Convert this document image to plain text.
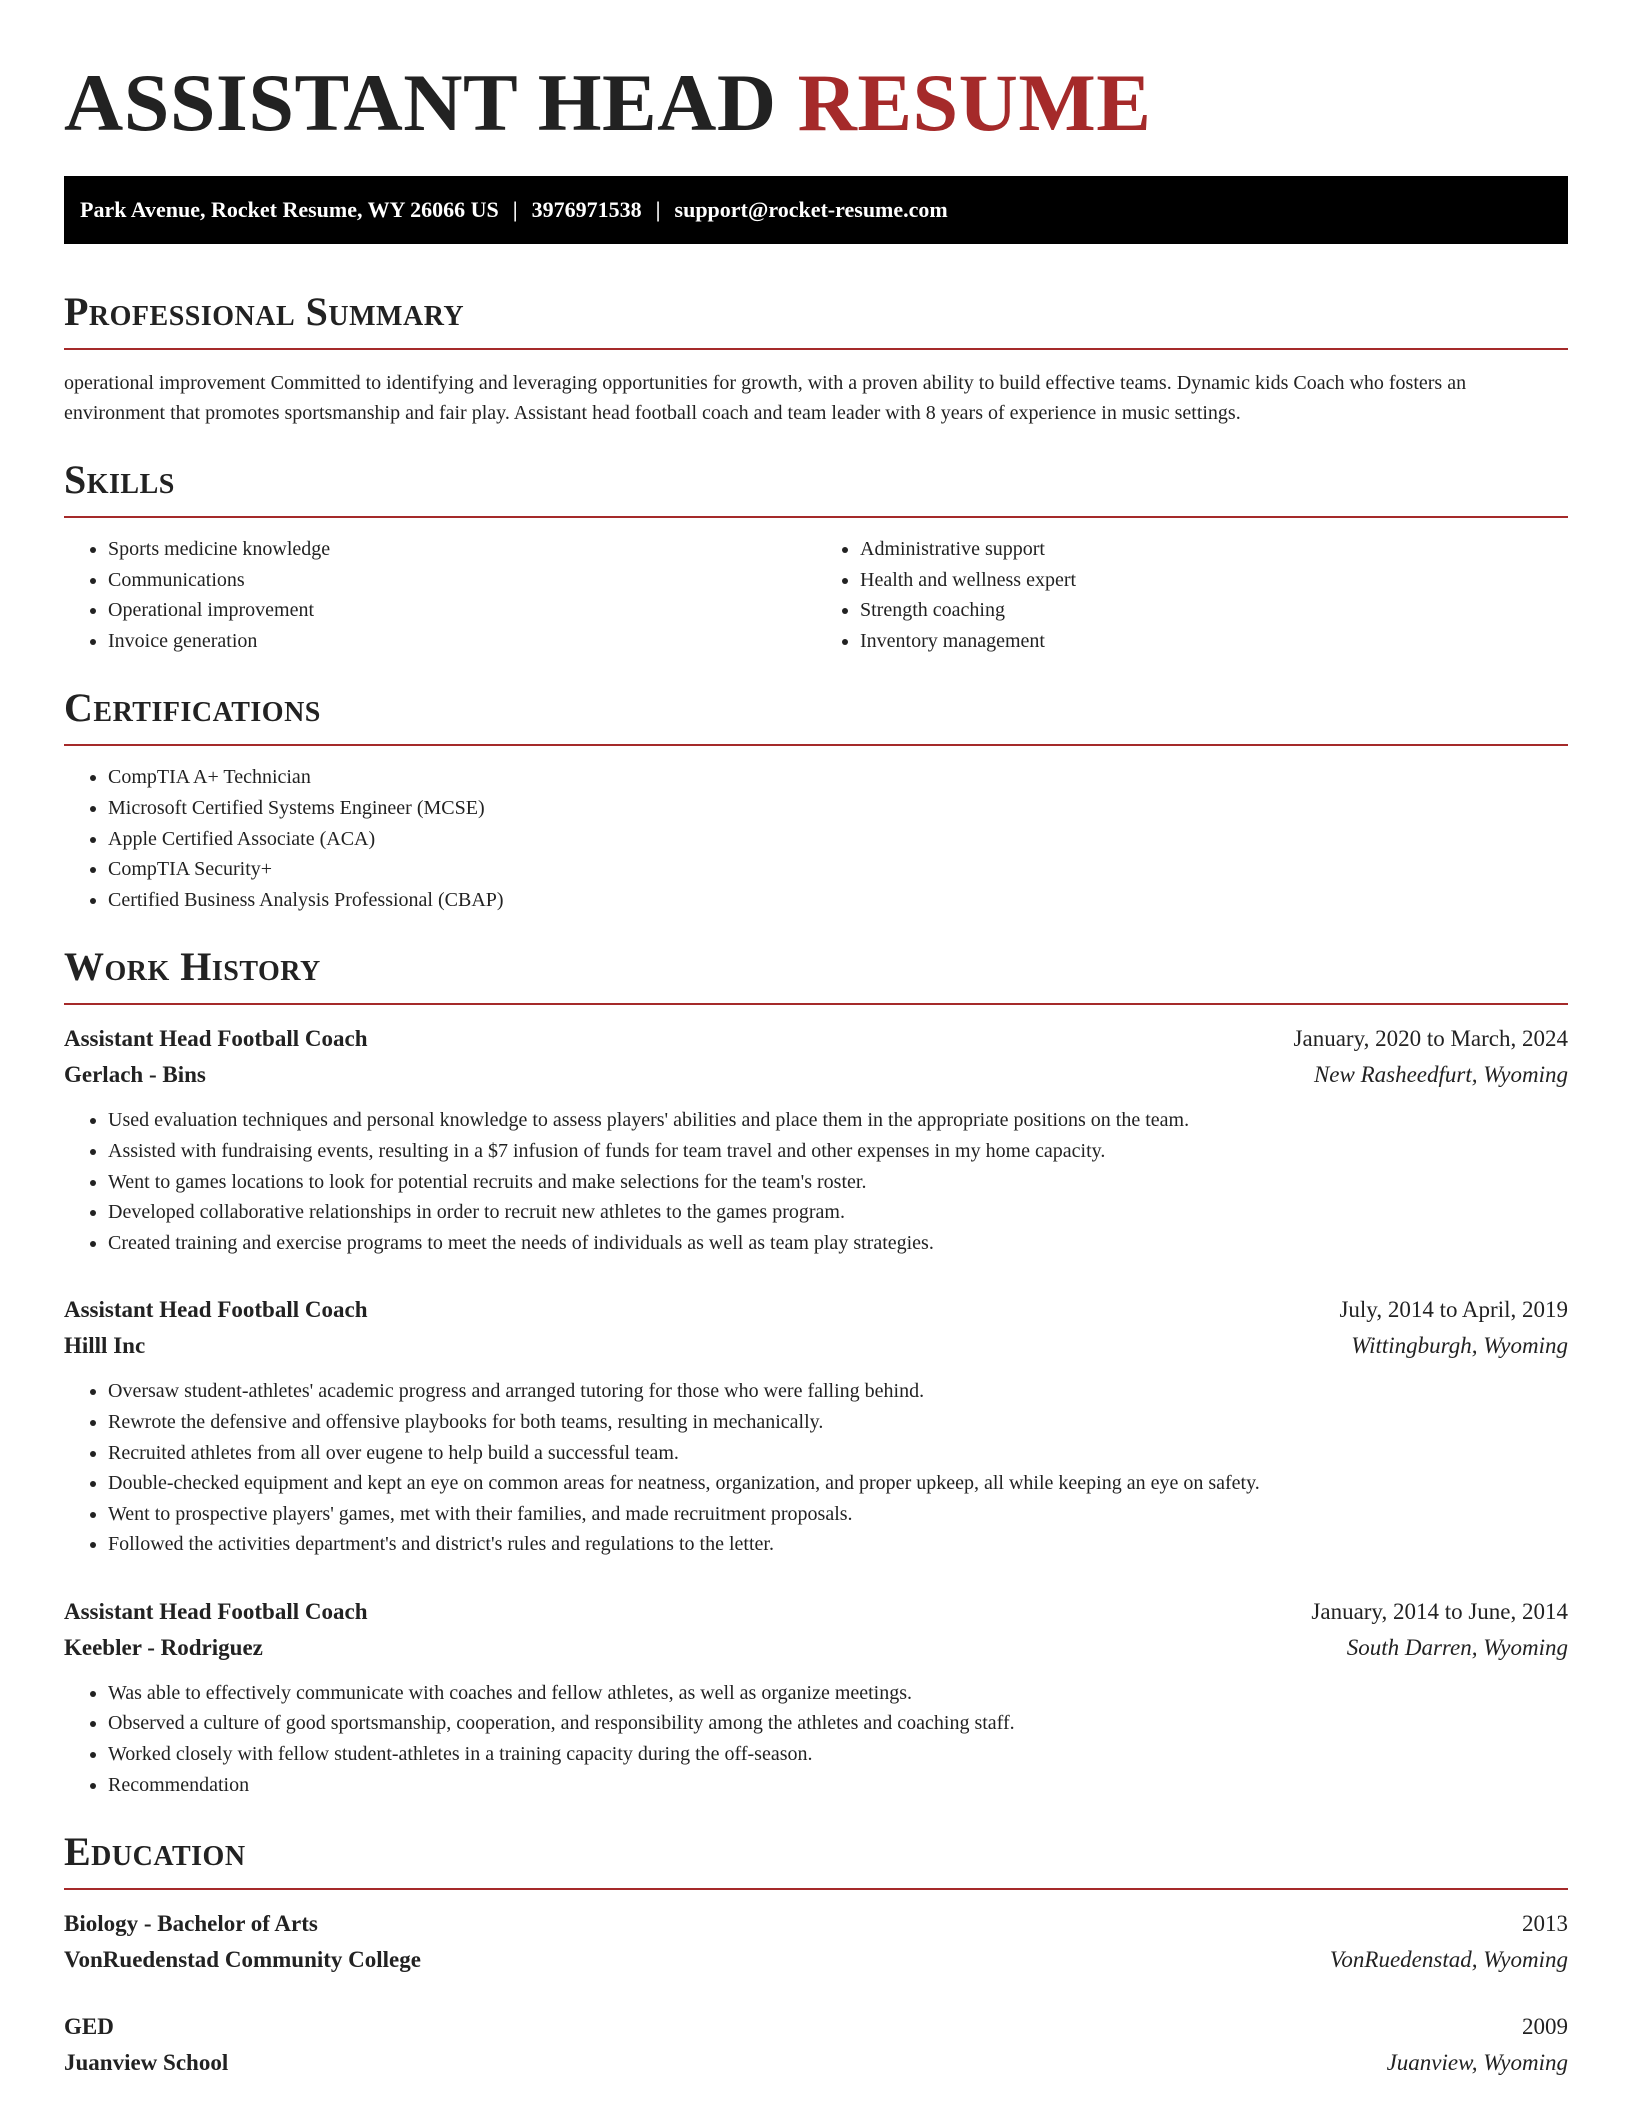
ASSISTANT HEAD RESUME
Park Avenue, Rocket Resume, WY 26066 US | 3976971538 | support@rocket-resume.com
Professional Summary

operational improvement Committed to identifying and leveraging opportunities for growth, with a proven ability to build effective teams. Dynamic kids Coach who fosters an environment that promotes sportsmanship and fair play. Assistant head football coach and team leader with 8 years of experience in music settings.

Skills
• Sports medicine knowledge
• Communications
• Operational improvement
• Invoice generation
• Administrative support
• Health and wellness expert
• Strength coaching
• Inventory management
Certifications
• CompTIA A+ Technician
• Microsoft Certified Systems Engineer (MCSE)
• Apple Certified Associate (ACA)
• CompTIA Security+
• Certified Business Analysis Professional (CBAP)
Work History
Assistant Head Football Coach	January, 2020 to March, 2024
Gerlach - Bins	New Rasheedfurt, Wyoming
• Used evaluation techniques and personal knowledge to assess players' abilities and place them in the appropriate positions on the team.
• Assisted with fundraising events, resulting in a $7 infusion of funds for team travel and other expenses in my home capacity.
• Went to games locations to look for potential recruits and make selections for the team's roster.
• Developed collaborative relationships in order to recruit new athletes to the games program.
• Created training and exercise programs to meet the needs of individuals as well as team play strategies.
Assistant Head Football Coach	July, 2014 to April, 2019
Hilll Inc	Wittingburgh, Wyoming
• Oversaw student-athletes' academic progress and arranged tutoring for those who were falling behind.
• Rewrote the defensive and offensive playbooks for both teams, resulting in mechanically.
• Recruited athletes from all over eugene to help build a successful team.
• Double-checked equipment and kept an eye on common areas for neatness, organization, and proper upkeep, all while keeping an eye on safety.
• Went to prospective players' games, met with their families, and made recruitment proposals.
• Followed the activities department's and district's rules and regulations to the letter.
Assistant Head Football Coach	January, 2014 to June, 2014
Keebler - Rodriguez	South Darren, Wyoming
• Was able to effectively communicate with coaches and fellow athletes, as well as organize meetings.
• Observed a culture of good sportsmanship, cooperation, and responsibility among the athletes and coaching staff.
• Worked closely with fellow student-athletes in a training capacity during the off-season.
• Recommendation
Education
Biology - Bachelor of Arts	2013
VonRuedenstad Community College	VonRuedenstad, Wyoming
GED	2009
Juanview School	Juanview, Wyoming
